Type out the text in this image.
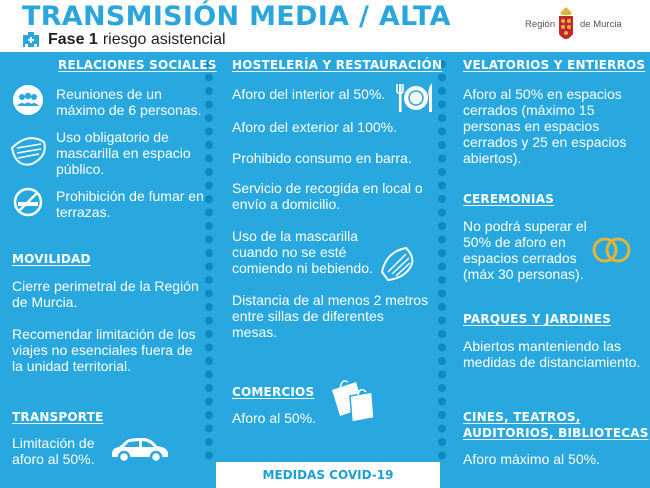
TRANSMISIÓN MEDIA / ALTA
Fase 1 riesgo asistencial
Región	de Murcia
RELACIONES SOCIALES
Reuniones de un máximo de 6 personas.
Uso obligatorio de mascarilla en espacio público.
Prohibición de fumar en terrazas.
MOVILIDAD
Cierre perimetral de la Región de Murcia.
Recomendar limitación de los viajes no esenciales fuera de la unidad territorial.
TRANSPORTE
Limitación de aforo al 50%.
HOSTELERÍA Y RESTAURACIÓN
Aforo del interior al 50%.
Aforo del exterior al 100%.
Prohibido consumo en barra.
Servicio de recogida en local o envío a domicilio.
Uso de la mascarilla cuando no se esté comiendo ni bebiendo.
Distancia de al menos 2 metros entre sillas de diferentes mesas.
COMERCIOS
Aforo al 50%.
VELATORIOS Y ENTIERROS
Aforo al 50% en espacios cerrados (máximo 15 personas en espacios cerrados y 25 en espacios abiertos).
CEREMONIAS
No podrá superar el 50% de aforo en espacios cerrados (máx 30 personas).
PARQUES Y JARDINES
Abiertos manteniendo las medidas de distanciamiento.
CINES, TEATROS,
AUDITORIOS, BIBLIOTECAS
Aforo máximo al 50%.
MEDIDAS COVID-19
